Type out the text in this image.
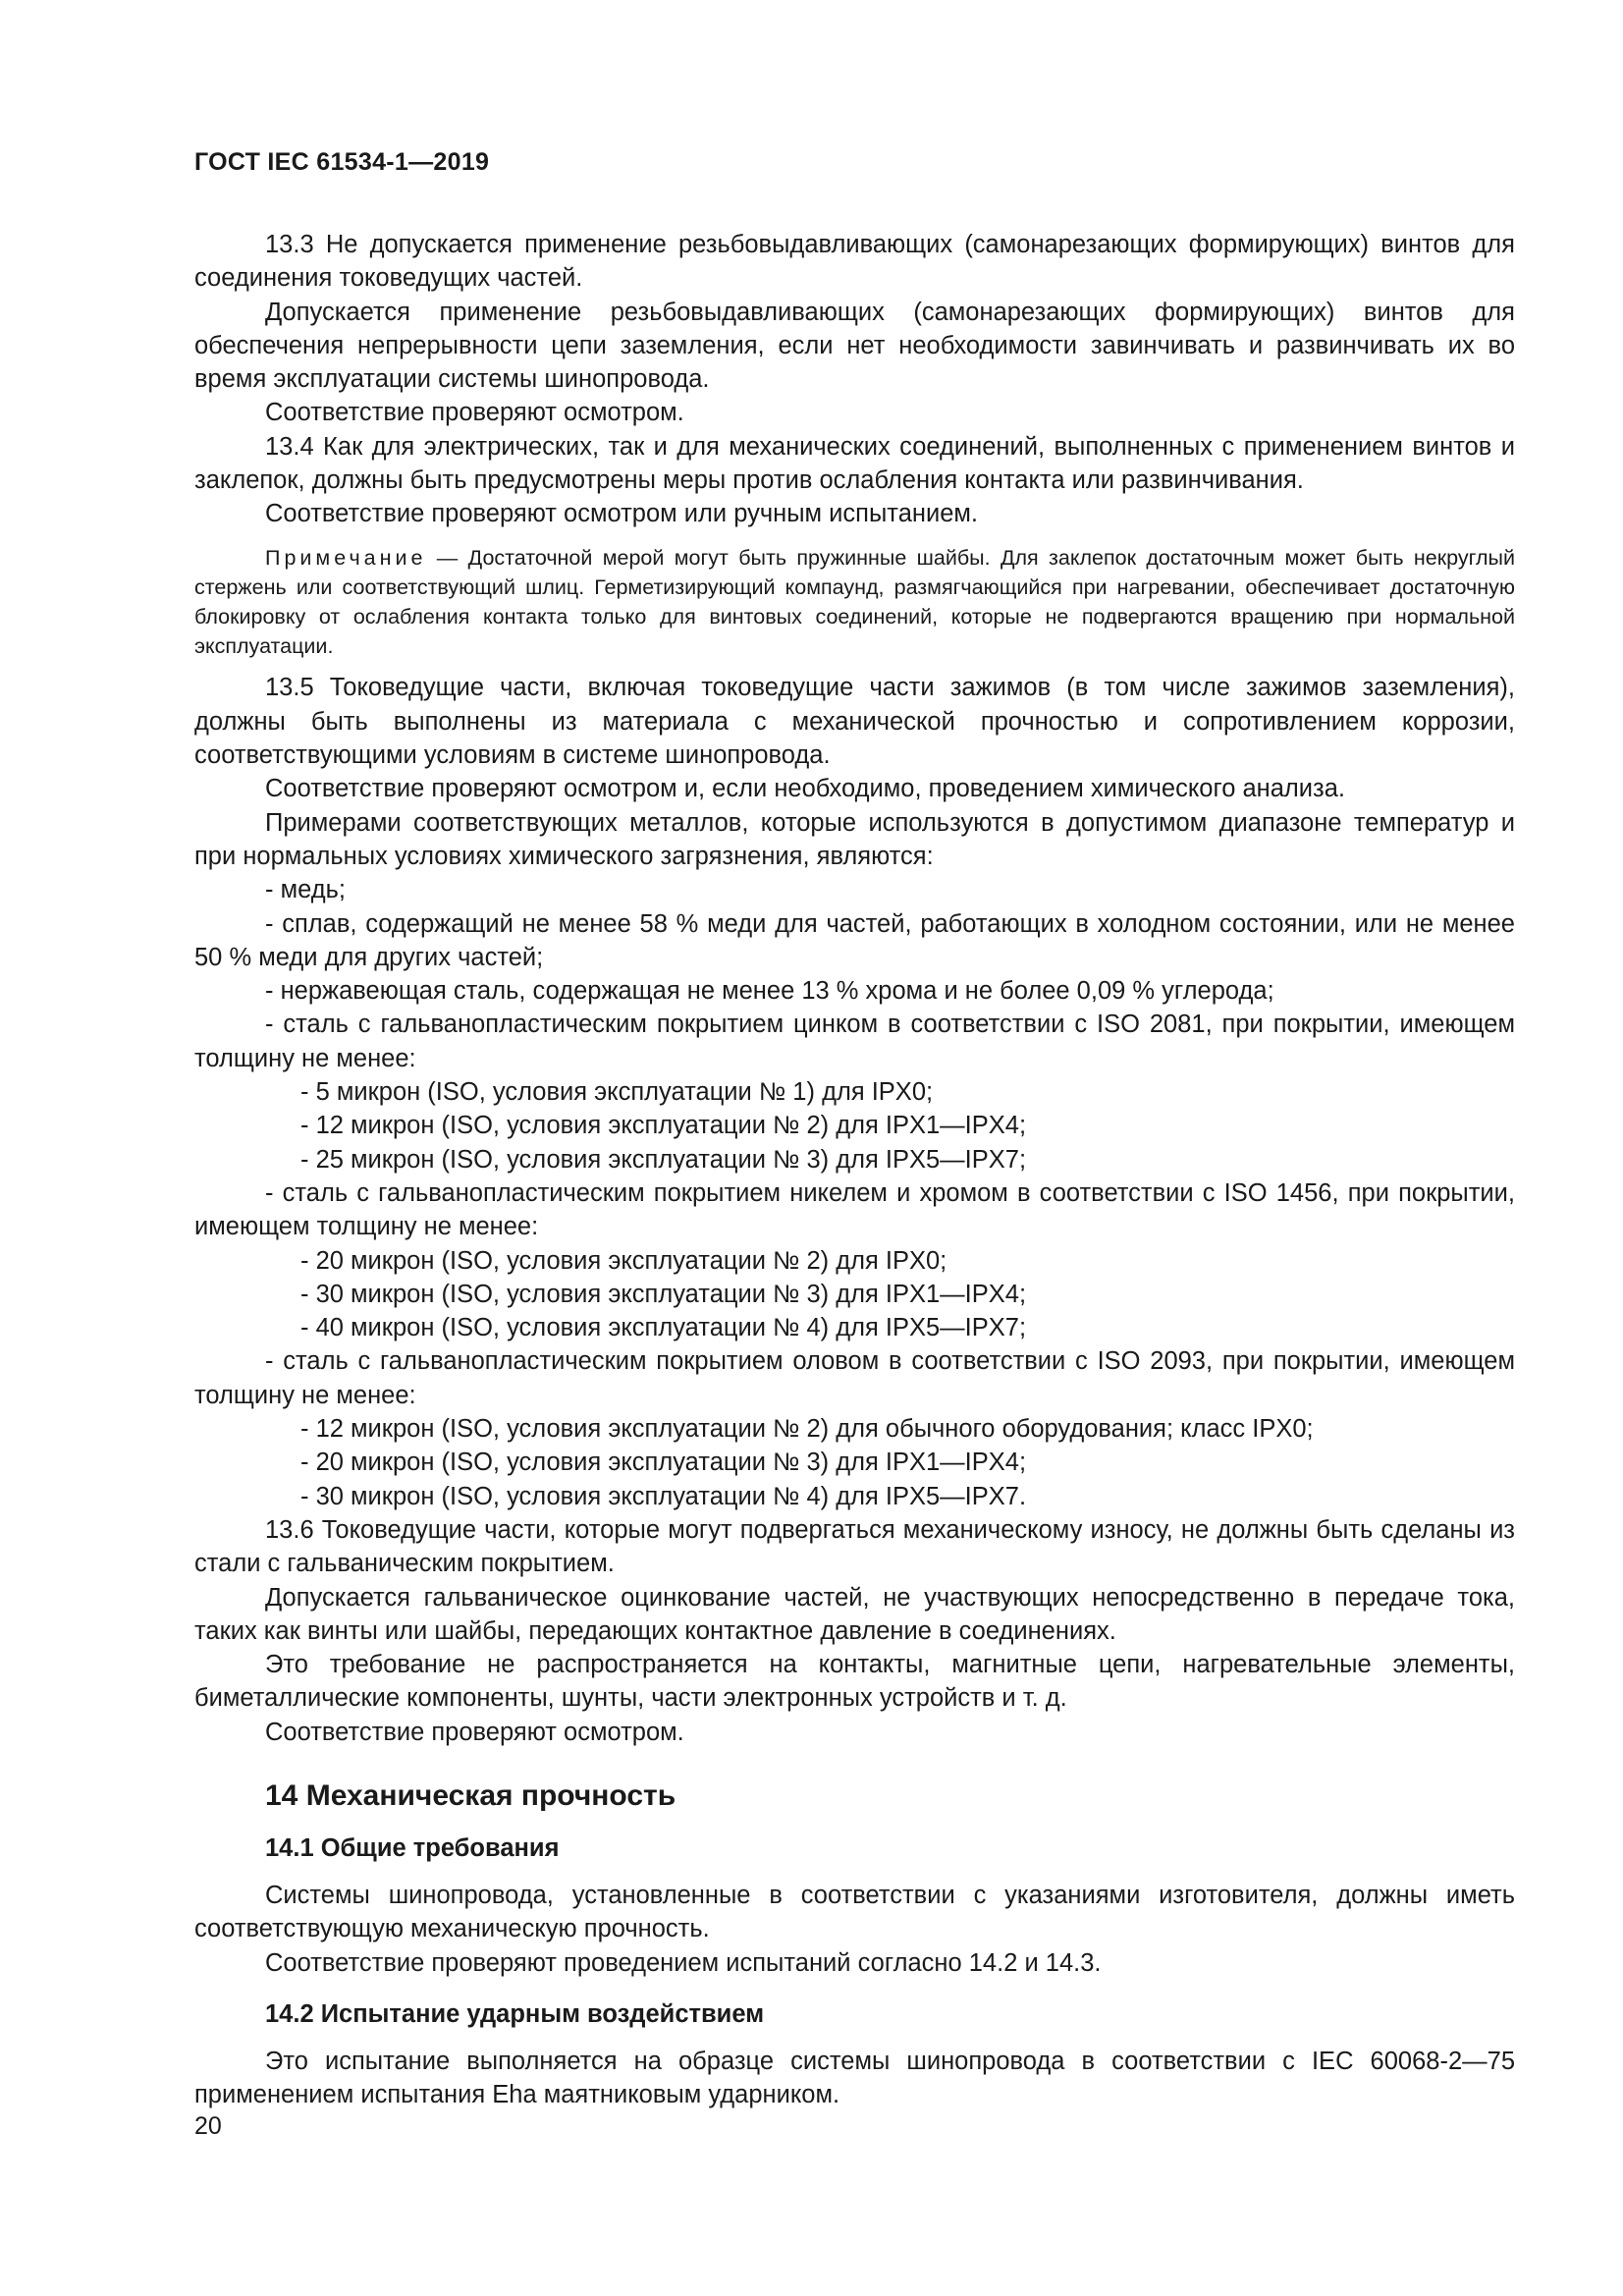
ГОСТ IEC 61534-1—2019

13.3 Не допускается применение резьбовыдавливающих (самонарезающих формирующих) винтов для соединения токоведущих частей.

Допускается применение резьбовыдавливающих (самонарезающих формирующих) винтов для обеспечения непрерывности цепи заземления, если нет необходимости завинчивать и развинчивать их во время эксплуатации системы шинопровода.

Соответствие проверяют осмотром.

13.4 Как для электрических, так и для механических соединений, выполненных с применением винтов и заклепок, должны быть предусмотрены меры против ослабления контакта или развинчивания.

Соответствие проверяют осмотром или ручным испытанием.

Примечание — Достаточной мерой могут быть пружинные шайбы. Для заклепок достаточным может быть некруглый стержень или соответствующий шлиц. Герметизирующий компаунд, размягчающийся при нагревании, обеспечивает достаточную блокировку от ослабления контакта только для винтовых соединений, которые не подвергаются вращению при нормальной эксплуатации.

13.5 Токоведущие части, включая токоведущие части зажимов (в том числе зажимов заземления), должны быть выполнены из материала с механической прочностью и сопротивлением коррозии, соответствующими условиям в системе шинопровода.

Соответствие проверяют осмотром и, если необходимо, проведением химического анализа.

Примерами соответствующих металлов, которые используются в допустимом диапазоне температур и при нормальных условиях химического загрязнения, являются:

- медь;

- сплав, содержащий не менее 58 % меди для частей, работающих в холодном состоянии, или не менее 50 % меди для других частей;

- нержавеющая сталь, содержащая не менее 13 % хрома и не более 0,09 % углерода;

- сталь с гальванопластическим покрытием цинком в соответствии с ISO 2081, при покрытии, имеющем толщину не менее:

- 5 микрон (ISO, условия эксплуатации № 1) для IPX0;

- 12 микрон (ISO, условия эксплуатации № 2) для IPX1—IPX4;

- 25 микрон (ISO, условия эксплуатации № 3) для IPX5—IPX7;

- сталь с гальванопластическим покрытием никелем и хромом в соответствии с ISO 1456, при покрытии, имеющем толщину не менее:

- 20 микрон (ISO, условия эксплуатации № 2) для IPX0;

- 30 микрон (ISO, условия эксплуатации № 3) для IPX1—IPX4;

- 40 микрон (ISO, условия эксплуатации № 4) для IPX5—IPX7;

- сталь с гальванопластическим покрытием оловом в соответствии с ISO 2093, при покрытии, имеющем толщину не менее:

- 12 микрон (ISO, условия эксплуатации № 2) для обычного оборудования; класс IPX0;

- 20 микрон (ISO, условия эксплуатации № 3) для IPX1—IPX4;

- 30 микрон (ISO, условия эксплуатации № 4) для IPX5—IPX7.

13.6 Токоведущие части, которые могут подвергаться механическому износу, не должны быть сделаны из стали с гальваническим покрытием.

Допускается гальваническое оцинкование частей, не участвующих непосредственно в передаче тока, таких как винты или шайбы, передающих контактное давление в соединениях.

Это требование не распространяется на контакты, магнитные цепи, нагревательные элементы, биметаллические компоненты, шунты, части электронных устройств и т. д.

Соответствие проверяют осмотром.

14 Механическая прочность
14.1 Общие требования

Системы шинопровода, установленные в соответствии с указаниями изготовителя, должны иметь соответствующую механическую прочность.

Соответствие проверяют проведением испытаний согласно 14.2 и 14.3.

14.2 Испытание ударным воздействием

Это испытание выполняется на образце системы шинопровода в соответствии с IEC 60068-2—75 применением испытания Eha маятниковым ударником.

20
